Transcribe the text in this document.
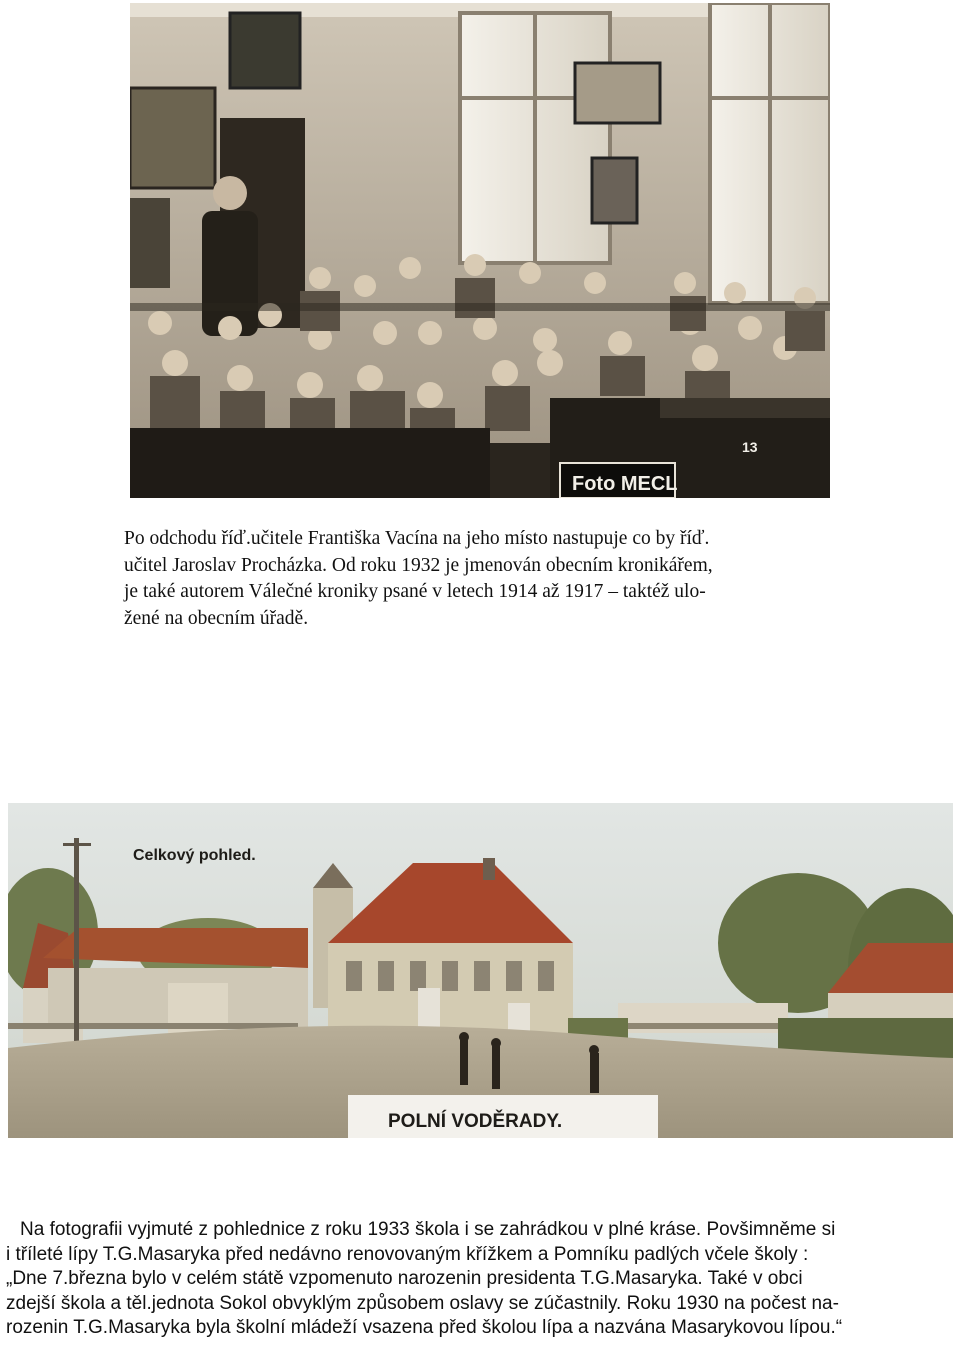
Foto MECL
13
Po odchodu říď.učitele Františka Vacína na jeho místo nastupuje co by říď.
učitel Jaroslav Procházka. Od roku 1932 je jmenován obecním kronikářem,
je také autorem Válečné kroniky psané v letech 1914 až 1917 – taktéž ulo-
žené na obecním úřadě.
Celkový pohled.
POLNÍ VODĚRADY.
Na fotografii vyjmuté z pohlednice z roku 1933 škola i se zahrádkou v plné kráse. Povšimněme si
i tříleté lípy T.G.Masaryka před nedávno renovovaným křížkem a Pomníku padlých včele školy :
„Dne 7.března bylo v celém státě vzpomenuto narozenin presidenta T.G.Masaryka. Také v obci
zdejší škola a těl.jednota Sokol obvyklým způsobem oslavy se zúčastnily. Roku 1930 na počest na-
rozenin T.G.Masaryka byla školní mládeží vsazena před školou lípa a nazvána Masarykovou lípou.“
